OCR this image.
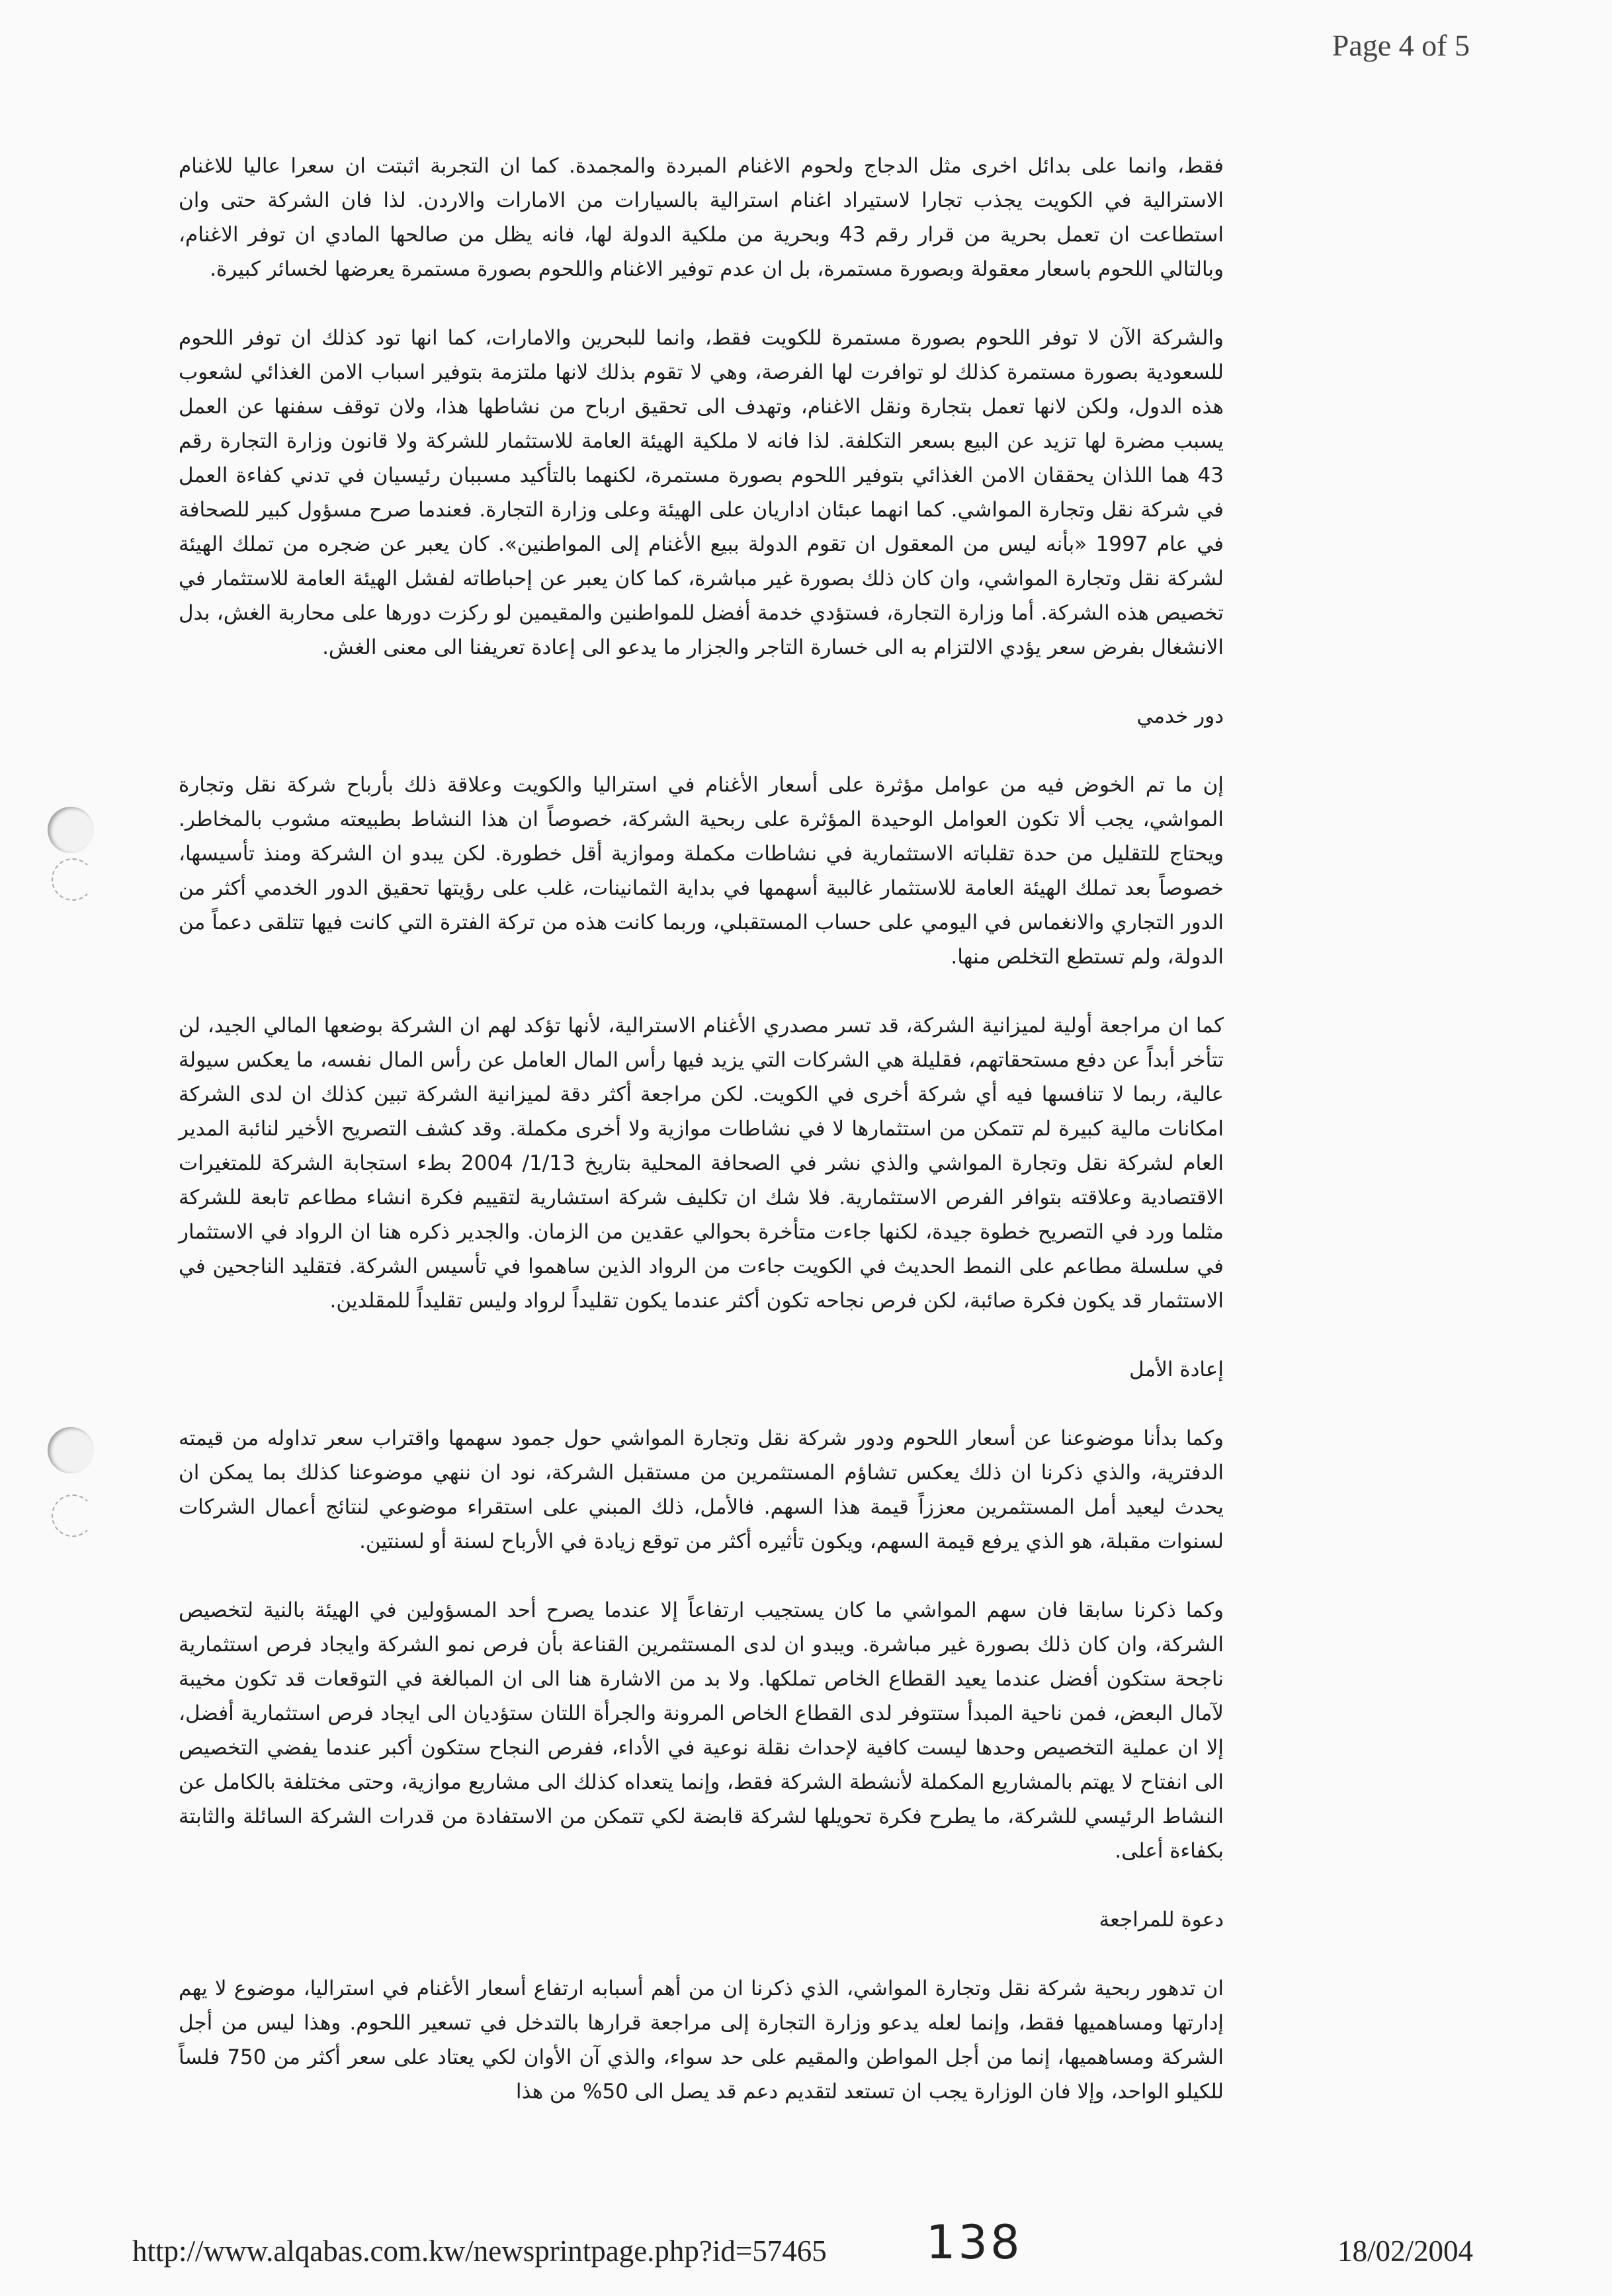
Page 4 of 5

فقط، وانما على بدائل اخرى مثل الدجاج ولحوم الاغنام المبردة والمجمدة. كما ان التجربة اثبتت ان سعرا عاليا للاغنام الاسترالية في الكويت يجذب تجارا لاستيراد اغنام استرالية بالسيارات من الامارات والاردن. لذا فان الشركة حتى وان استطاعت ان تعمل بحرية من قرار رقم 43 وبحرية من ملكية الدولة لها، فانه يظل من صالحها المادي ان توفر الاغنام، وبالتالي اللحوم باسعار معقولة وبصورة مستمرة، بل ان عدم توفير الاغنام واللحوم بصورة مستمرة يعرضها لخسائر كبيرة.

والشركة الآن لا توفر اللحوم بصورة مستمرة للكويت فقط، وانما للبحرين والامارات، كما انها تود كذلك ان توفر اللحوم للسعودية بصورة مستمرة كذلك لو توافرت لها الفرصة، وهي لا تقوم بذلك لانها ملتزمة بتوفير اسباب الامن الغذائي لشعوب هذه الدول، ولكن لانها تعمل بتجارة ونقل الاغنام، وتهدف الى تحقيق ارباح من نشاطها هذا، ولان توقف سفنها عن العمل يسبب مضرة لها تزيد عن البيع بسعر التكلفة. لذا فانه لا ملكية الهيئة العامة للاستثمار للشركة ولا قانون وزارة التجارة رقم 43 هما اللذان يحققان الامن الغذائي بتوفير اللحوم بصورة مستمرة، لكنهما بالتأكيد مسببان رئيسيان في تدني كفاءة العمل في شركة نقل وتجارة المواشي. كما انهما عبئان اداريان على الهيئة وعلى وزارة التجارة. فعندما صرح مسؤول كبير للصحافة في عام 1997 «بأنه ليس من المعقول ان تقوم الدولة ببيع الأغنام إلى المواطنين». كان يعبر عن ضجره من تملك الهيئة لشركة نقل وتجارة المواشي، وان كان ذلك بصورة غير مباشرة، كما كان يعبر عن إحباطاته لفشل الهيئة العامة للاستثمار في تخصيص هذه الشركة. أما وزارة التجارة، فستؤدي خدمة أفضل للمواطنين والمقيمين لو ركزت دورها على محاربة الغش، بدل الانشغال بفرض سعر يؤدي الالتزام به الى خسارة التاجر والجزار ما يدعو الى إعادة تعريفنا الى معنى الغش.

دور خدمي

إن ما تم الخوض فيه من عوامل مؤثرة على أسعار الأغنام في استراليا والكويت وعلاقة ذلك بأرباح شركة نقل وتجارة المواشي، يجب ألا تكون العوامل الوحيدة المؤثرة على ربحية الشركة، خصوصاً ان هذا النشاط بطبيعته مشوب بالمخاطر. ويحتاج للتقليل من حدة تقلباته الاستثمارية في نشاطات مكملة وموازية أقل خطورة. لكن يبدو ان الشركة ومنذ تأسيسها، خصوصاً بعد تملك الهيئة العامة للاستثمار غالبية أسهمها في بداية الثمانينات، غلب على رؤيتها تحقيق الدور الخدمي أكثر من الدور التجاري والانغماس في اليومي على حساب المستقبلي، وربما كانت هذه من تركة الفترة التي كانت فيها تتلقى دعماً من الدولة، ولم تستطع التخلص منها.

كما ان مراجعة أولية لميزانية الشركة، قد تسر مصدري الأغنام الاسترالية، لأنها تؤكد لهم ان الشركة بوضعها المالي الجيد، لن تتأخر أبداً عن دفع مستحقاتهم، فقليلة هي الشركات التي يزيد فيها رأس المال العامل عن رأس المال نفسه، ما يعكس سيولة عالية، ربما لا تنافسها فيه أي شركة أخرى في الكويت. لكن مراجعة أكثر دقة لميزانية الشركة تبين كذلك ان لدى الشركة امكانات مالية كبيرة لم تتمكن من استثمارها لا في نشاطات موازية ولا أخرى مكملة. وقد كشف التصريح الأخير لنائبة المدير العام لشركة نقل وتجارة المواشي والذي نشر في الصحافة المحلية بتاريخ 1/13/ 2004 بطء استجابة الشركة للمتغيرات الاقتصادية وعلاقته بتوافر الفرص الاستثمارية. فلا شك ان تكليف شركة استشارية لتقييم فكرة انشاء مطاعم تابعة للشركة مثلما ورد في التصريح خطوة جيدة، لكنها جاءت متأخرة بحوالي عقدين من الزمان. والجدير ذكره هنا ان الرواد في الاستثمار في سلسلة مطاعم على النمط الحديث في الكويت جاءت من الرواد الذين ساهموا في تأسيس الشركة. فتقليد الناجحين في الاستثمار قد يكون فكرة صائبة، لكن فرص نجاحه تكون أكثر عندما يكون تقليداً لرواد وليس تقليداً للمقلدين.

إعادة الأمل

وكما بدأنا موضوعنا عن أسعار اللحوم ودور شركة نقل وتجارة المواشي حول جمود سهمها واقتراب سعر تداوله من قيمته الدفترية، والذي ذكرنا ان ذلك يعكس تشاؤم المستثمرين من مستقبل الشركة، نود ان ننهي موضوعنا كذلك بما يمكن ان يحدث ليعيد أمل المستثمرين معززاً قيمة هذا السهم. فالأمل، ذلك المبني على استقراء موضوعي لنتائج أعمال الشركات لسنوات مقبلة، هو الذي يرفع قيمة السهم، ويكون تأثيره أكثر من توقع زيادة في الأرباح لسنة أو لسنتين.

وكما ذكرنا سابقا فان سهم المواشي ما كان يستجيب ارتفاعاً إلا عندما يصرح أحد المسؤولين في الهيئة بالنية لتخصيص الشركة، وان كان ذلك بصورة غير مباشرة. ويبدو ان لدى المستثمرين القناعة بأن فرص نمو الشركة وايجاد فرص استثمارية ناجحة ستكون أفضل عندما يعيد القطاع الخاص تملكها. ولا بد من الاشارة هنا الى ان المبالغة في التوقعات قد تكون مخيبة لآمال البعض، فمن ناحية المبدأ ستتوفر لدى القطاع الخاص المرونة والجرأة اللتان ستؤديان الى ايجاد فرص استثمارية أفضل، إلا ان عملية التخصيص وحدها ليست كافية لإحداث نقلة نوعية في الأداء، ففرص النجاح ستكون أكبر عندما يفضي التخصيص الى انفتاح لا يهتم بالمشاريع المكملة لأنشطة الشركة فقط، وإنما يتعداه كذلك الى مشاريع موازية، وحتى مختلفة بالكامل عن النشاط الرئيسي للشركة، ما يطرح فكرة تحويلها لشركة قابضة لكي تتمكن من الاستفادة من قدرات الشركة السائلة والثابتة بكفاءة أعلى.

دعوة للمراجعة

ان تدهور ربحية شركة نقل وتجارة المواشي، الذي ذكرنا ان من أهم أسبابه ارتفاع أسعار الأغنام في استراليا، موضوع لا يهم إدارتها ومساهميها فقط، وإنما لعله يدعو وزارة التجارة إلى مراجعة قرارها بالتدخل في تسعير اللحوم. وهذا ليس من أجل الشركة ومساهميها، إنما من أجل المواطن والمقيم على حد سواء، والذي آن الأوان لكي يعتاد على سعر أكثر من 750 فلساً للكيلو الواحد، وإلا فان الوزارة يجب ان تستعد لتقديم دعم قد يصل الى 50% من هذا

http://www.alqabas.com.kw/newsprintpage.php?id=57465 138	18/02/2004
